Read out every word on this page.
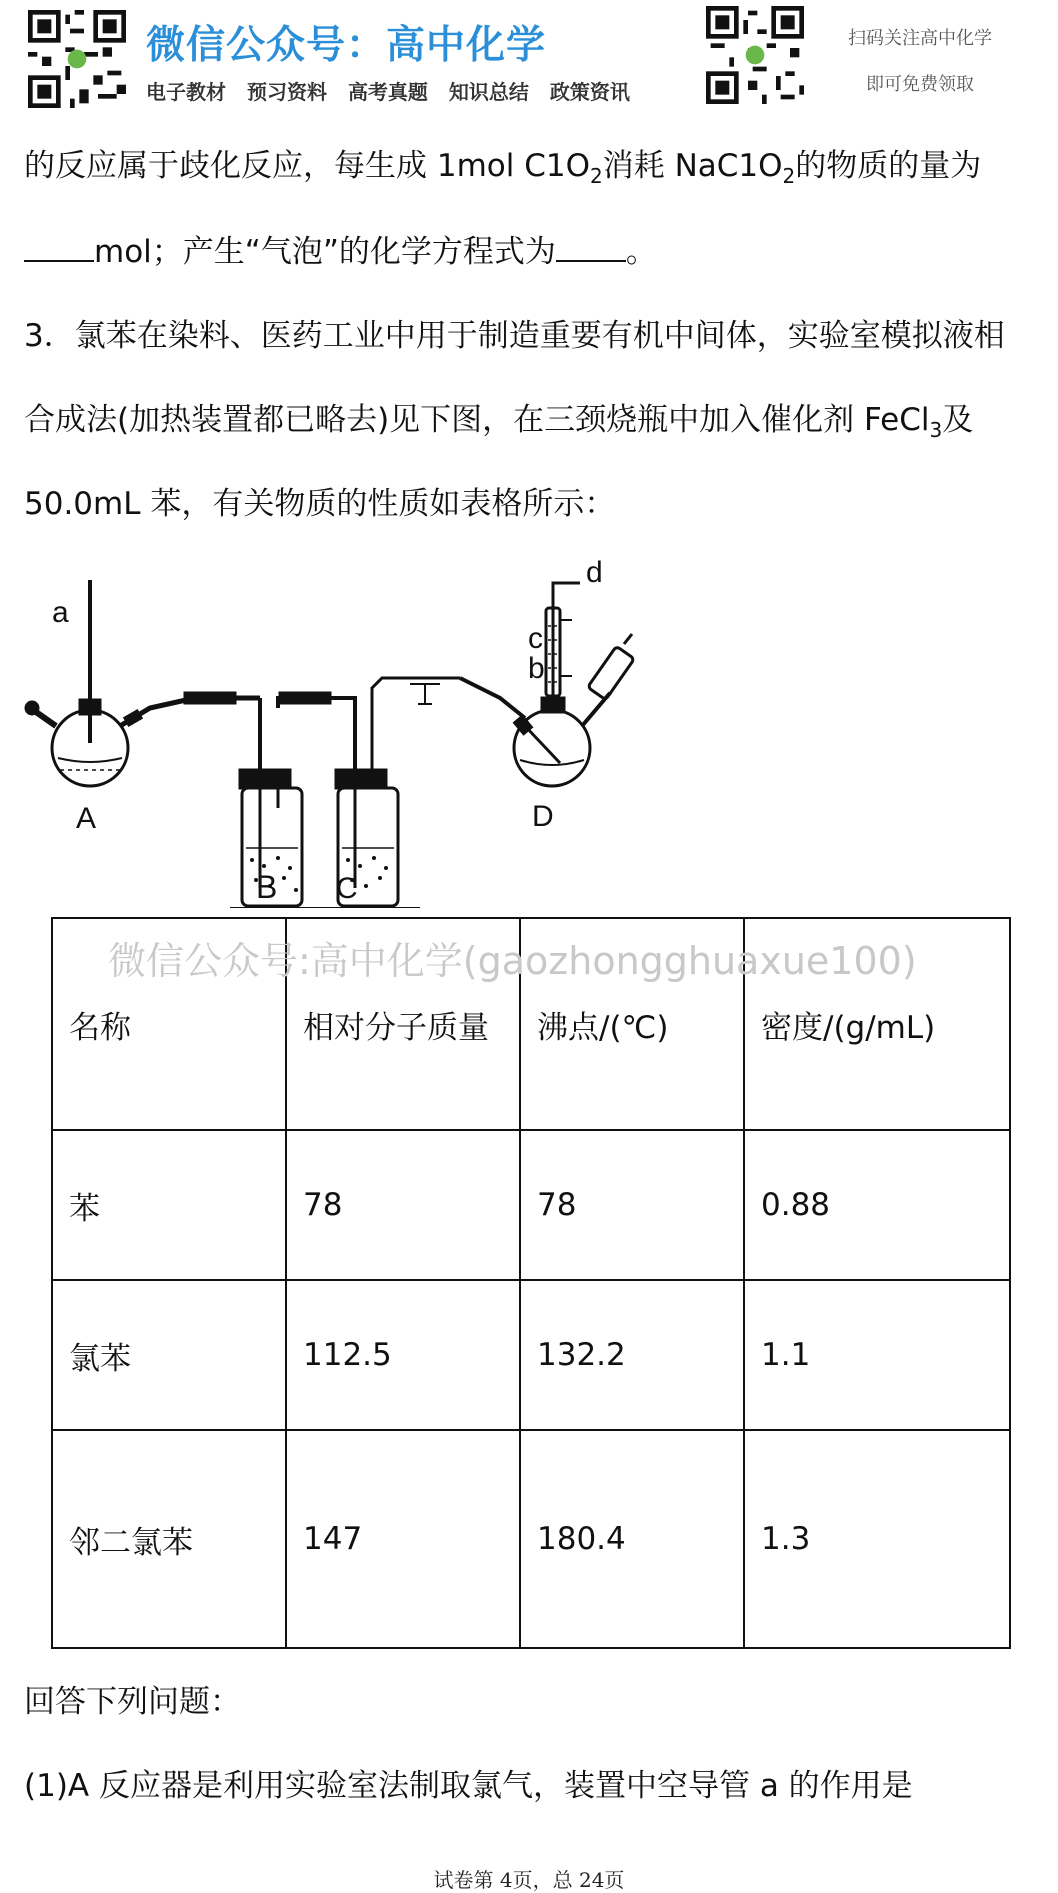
微信公众号：高中化学
电子教材 预习资料 高考真题 知识总结 政策资讯
扫码关注高中化学
即可免费领取
的反应属于歧化反应，每生成 1mol $C1O_2$消耗 $NaC1O_2$的物质的量为
mol；产生“气泡”的化学方程式为 。
3．氯苯在染料、医药工业中用于制造重要有机中间体，实验室模拟液相
合成法(加热装置都已略去)见下图，在三颈烧瓶中加入催化剂 FeCl$_3$及
50.0mL 苯，有关物质的性质如表格所示：
a
A
B C
c
b
d
D
微信公众号:高中化学(gaozhongghuaxue100)
名称	相对分子质量	沸点/(℃)	密度/(g/mL)
苯	78	78	0.88
氯苯	112.5	132.2	1.1
邻二氯苯	147	180.4	1.3
回答下列问题：
(1)A 反应器是利用实验室法制取氯气，装置中空导管 a 的作用是
试卷第 4页，总 24页
